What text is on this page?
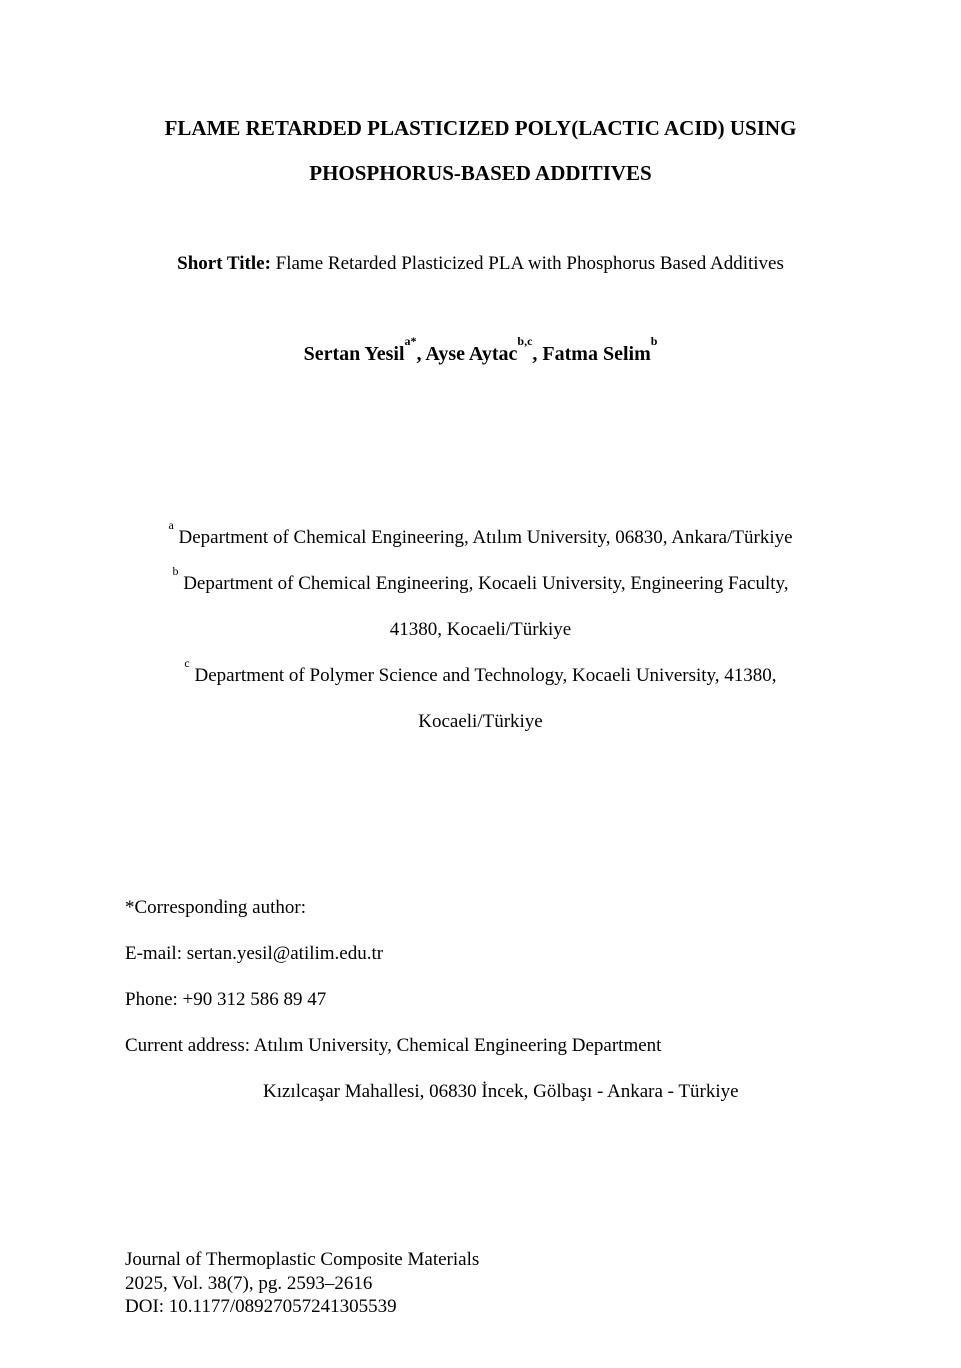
FLAME RETARDED PLASTICIZED POLY(LACTIC ACID) USING
PHOSPHORUS-BASED ADDITIVES
Short Title: Flame Retarded Plasticized PLA with Phosphorus Based Additives
Sertan Yesil$^{a*}$, Ayse Aytac$^{b,c}$, Fatma Selim$^b$
$^a$ Department of Chemical Engineering, Atılım University, 06830, Ankara/Türkiye
$^b$ Department of Chemical Engineering, Kocaeli University, Engineering Faculty,
41380, Kocaeli/Türkiye
$^c$ Department of Polymer Science and Technology, Kocaeli University, 41380,
Kocaeli/Türkiye
*Corresponding author:
E-mail: sertan.yesil@atilim.edu.tr
Phone: +90 312 586 89 47
Current address: Atılım University, Chemical Engineering Department
Kızılcaşar Mahallesi, 06830 İncek, Gölbaşı - Ankara - Türkiye
Journal of Thermoplastic Composite Materials
2025, Vol. 38(7), pg. 2593–2616
DOI: 10.1177/08927057241305539
